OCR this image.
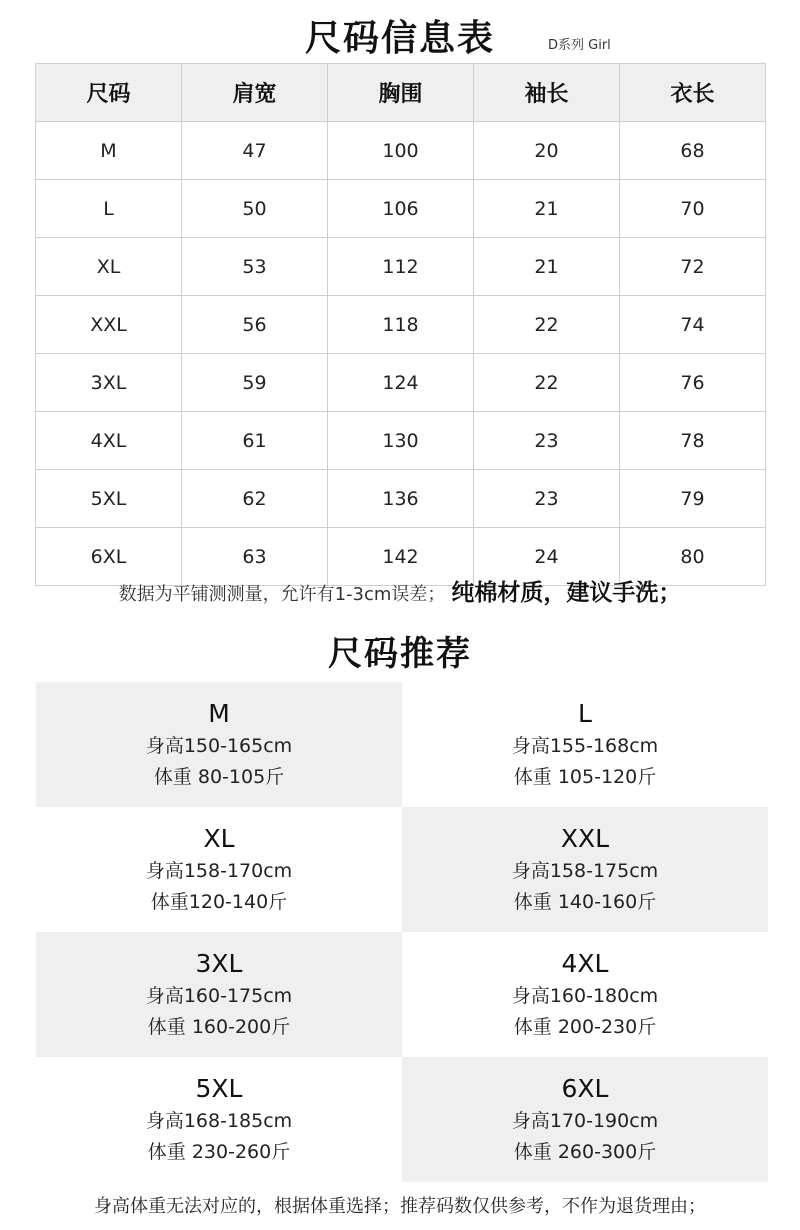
尺码信息表	D系列 Girl
尺码	肩宽	胸围	袖长	衣长
M	47	100	20	68
L	50	106	21	70
XL	53	112	21	72
XXL	56	118	22	74
3XL	59	124	22	76
4XL	61	130	23	78
5XL	62	136	23	79
6XL	63	142	24	80
数据为平铺测测量，允许有1-3cm误差； 纯棉材质，建议手洗；
尺码推荐
M
身高150-165cm
体重 80-105斤
L
身高155-168cm
体重 105-120斤
XL
身高158-170cm
体重120-140斤
XXL
身高158-175cm
体重 140-160斤
3XL
身高160-175cm
体重 160-200斤
4XL
身高160-180cm
体重 200-230斤
5XL
身高168-185cm
体重 230-260斤
6XL
身高170-190cm
体重 260-300斤
身高体重无法对应的，根据体重选择；推荐码数仅供参考，不作为退货理由；
